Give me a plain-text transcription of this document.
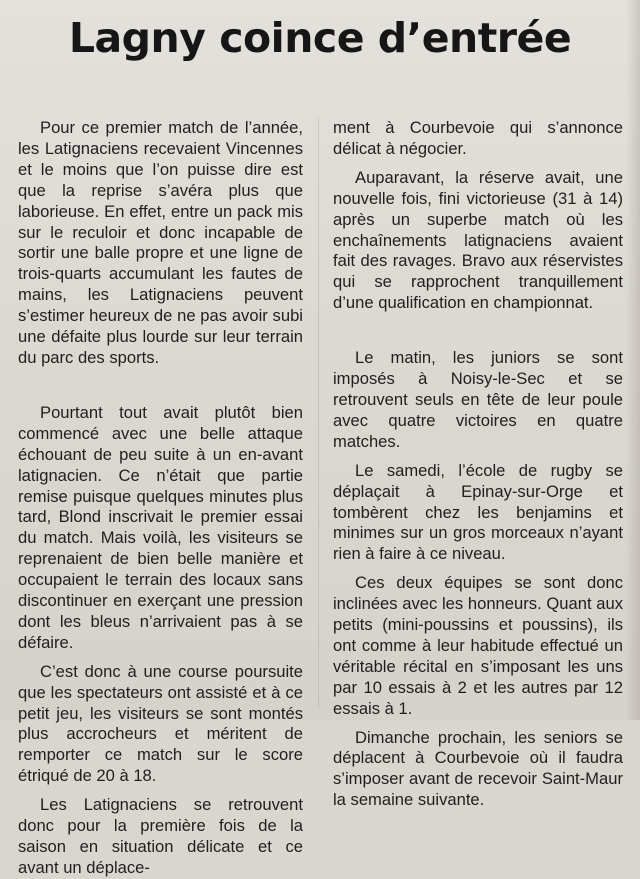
Lagny coince d’entrée

Pour ce premier match de l’année, les Latignaciens recevaient Vincennes et le moins que l’on puisse dire est que la reprise s’avéra plus que laborieuse. En effet, entre un pack mis sur le reculoir et donc incapable de sortir une balle propre et une ligne de trois-quarts accumulant les fautes de mains, les Latignaciens peuvent s’estimer heureux de ne pas avoir subi une défaite plus lourde sur leur terrain du parc des sports.

Pourtant tout avait plutôt bien commencé avec une belle attaque échouant de peu suite à un en-avant latignacien. Ce n’était que partie remise puisque quelques minutes plus tard, Blond inscrivait le premier essai du match. Mais voilà, les visiteurs se reprenaient de bien belle manière et occupaient le terrain des locaux sans discontinuer en exerçant une pression dont les bleus n’arrivaient pas à se défaire.

C’est donc à une course poursuite que les spectateurs ont assisté et à ce petit jeu, les visiteurs se sont montés plus accrocheurs et méritent de remporter ce match sur le score étriqué de 20 à 18.

Les Latignaciens se retrouvent donc pour la première fois de la saison en situation délicate et ce avant un déplace-

ment à Courbevoie qui s’annonce délicat à négocier.

Auparavant, la réserve avait, une nouvelle fois, fini victorieuse (31 à 14) après un superbe match où les enchaînements latignaciens avaient fait des ravages. Bravo aux réservistes qui se rapprochent tranquillement d’une qualification en championnat.

Le matin, les juniors se sont imposés à Noisy-le-Sec et se retrouvent seuls en tête de leur poule avec quatre victoires en quatre matches.

Le samedi, l’école de rugby se déplaçait à Epinay-sur-Orge et tombèrent chez les benjamins et minimes sur un gros morceaux n’ayant rien à faire à ce niveau.

Ces deux équipes se sont donc inclinées avec les honneurs. Quant aux petits (mini-poussins et poussins), ils ont comme à leur habitude effectué un véritable récital en s’imposant les uns par 10 essais à 2 et les autres par 12 essais à 1.

Dimanche prochain, les seniors se déplacent à Courbevoie où il faudra s’imposer avant de recevoir Saint-Maur la semaine suivante.
